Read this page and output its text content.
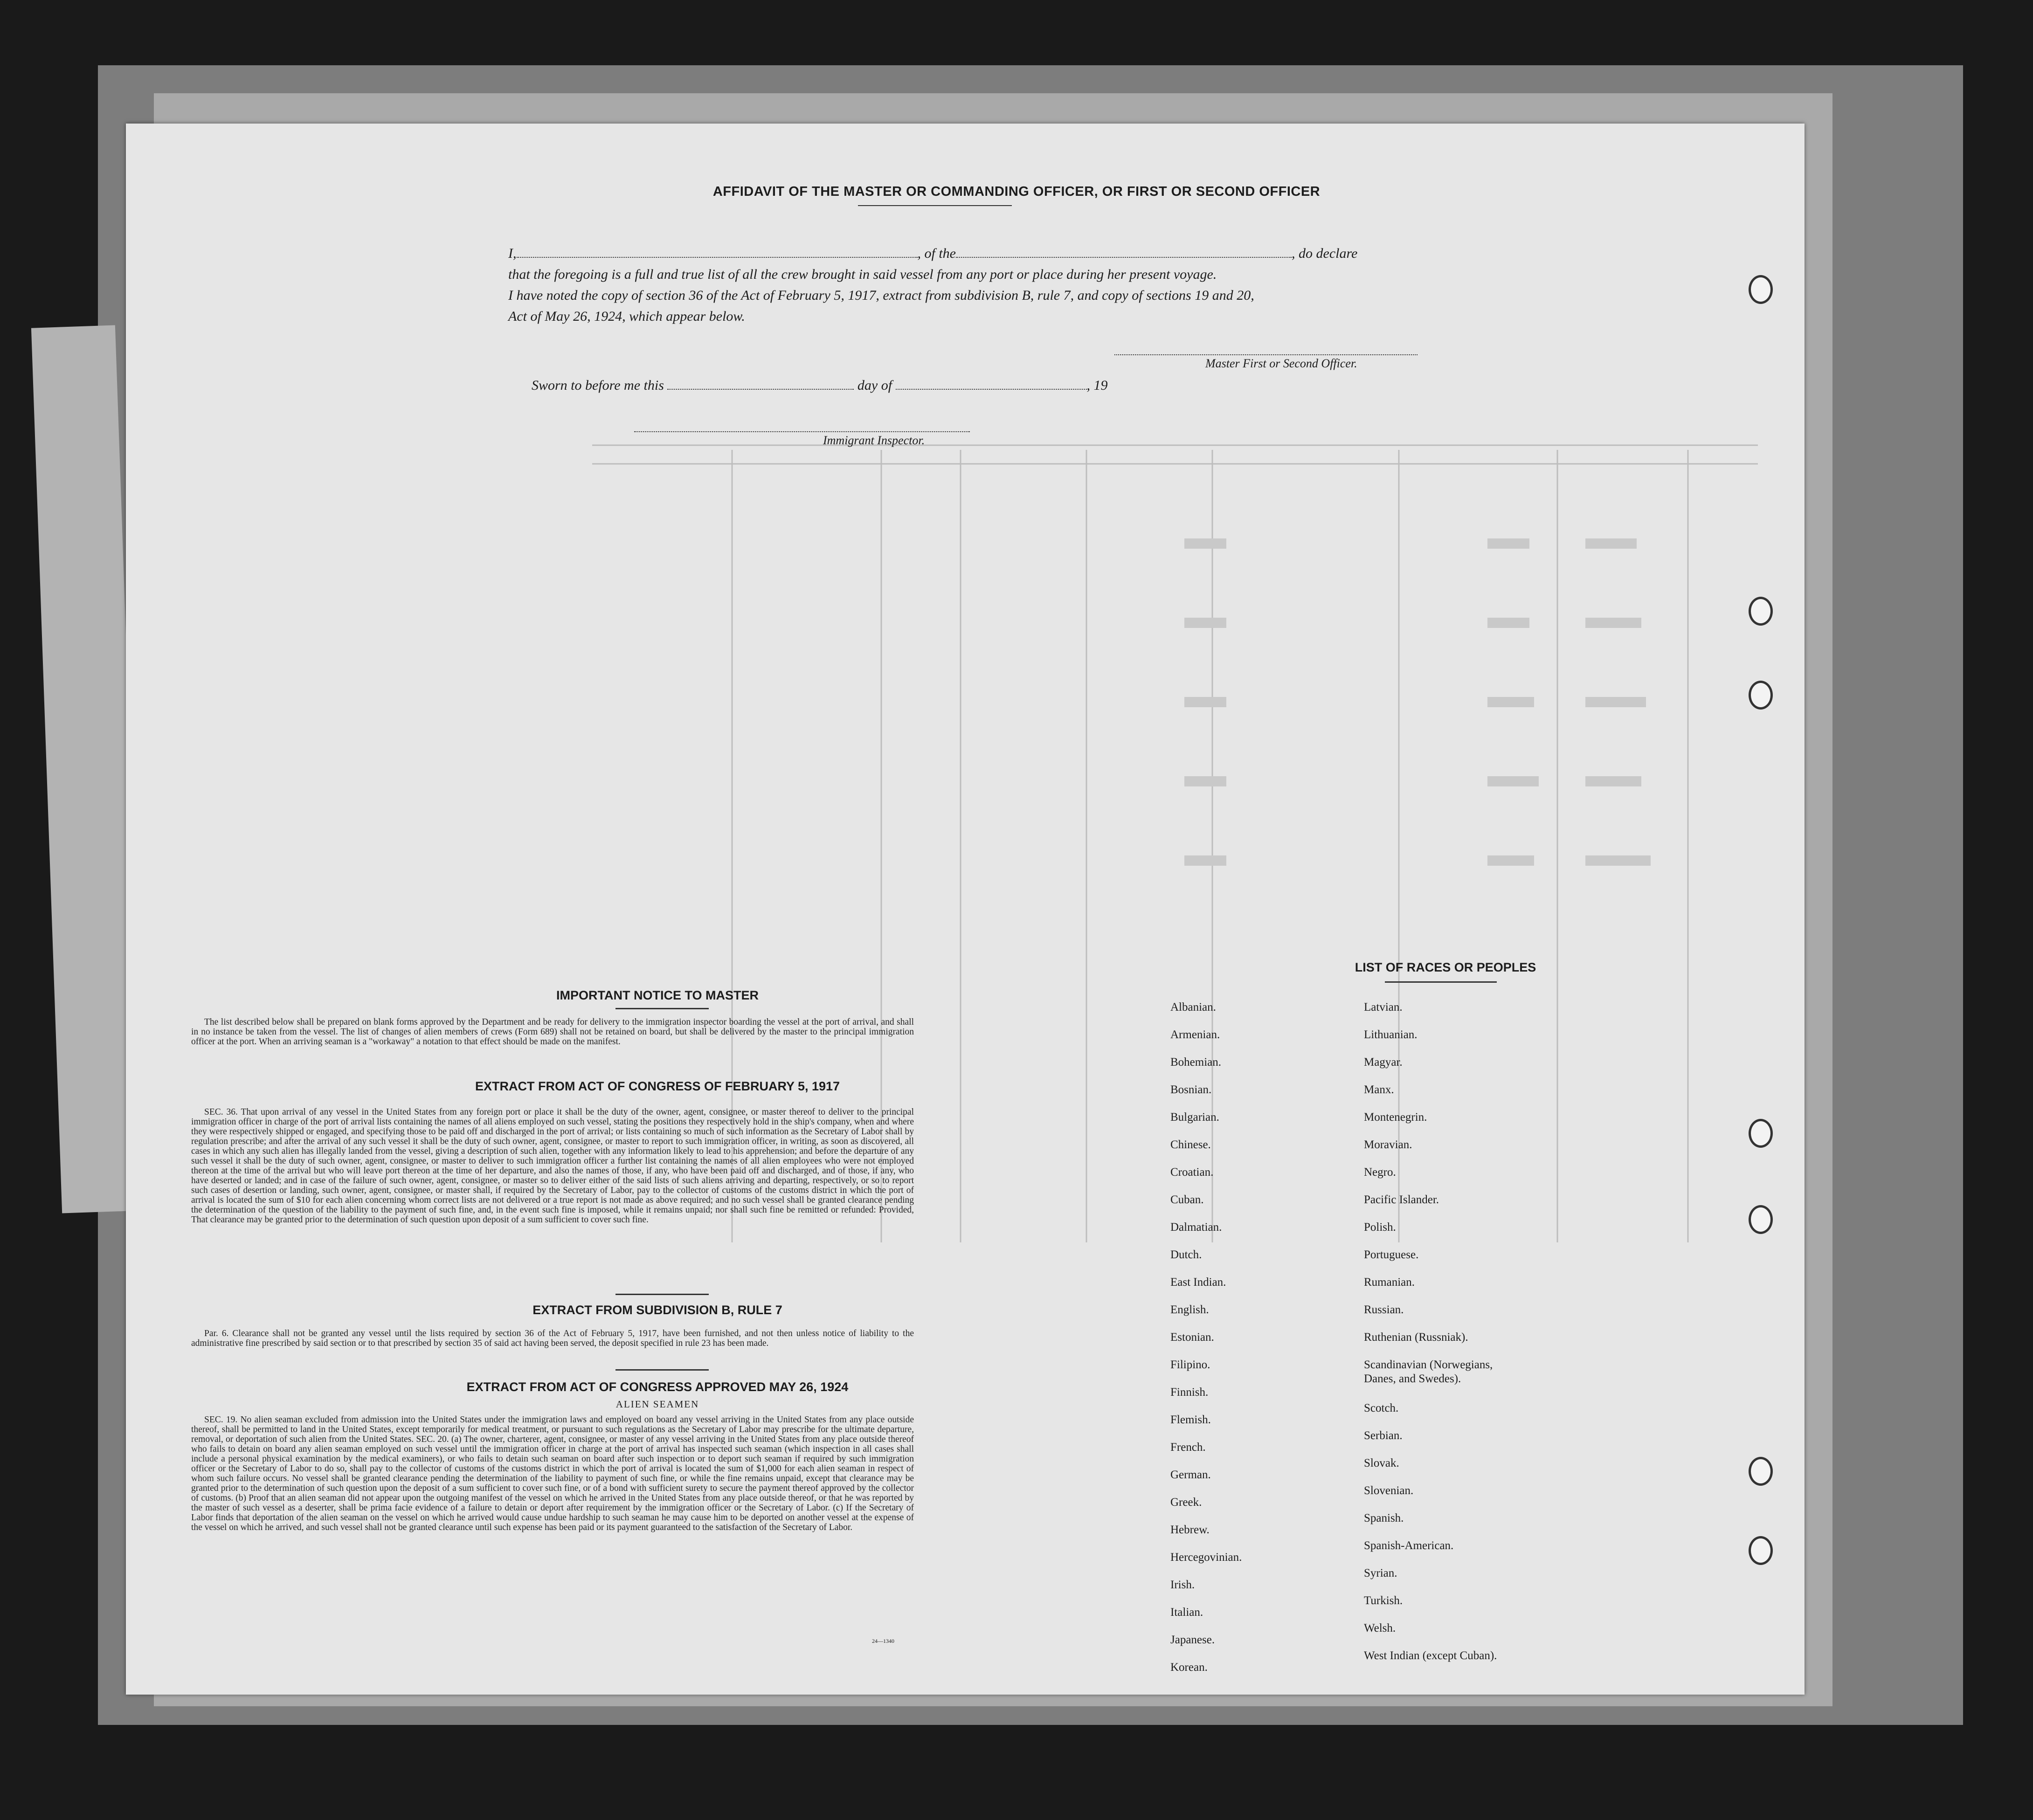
AFFIDAVIT OF THE MASTER OR COMMANDING OFFICER, OR FIRST OR SECOND OFFICER
I,	, of the	, do declare
that the foregoing is a full and true list of all the crew brought in said vessel from any port or place during her present voyage.
I have noted the copy of section 36 of the Act of February 5, 1917, extract from subdivision B, rule 7, and copy of sections 19 and 20,
Act of May 26, 1924, which appear below.
Master First or Second Officer.
Sworn to before me this	day of	, 19
Immigrant Inspector.
IMPORTANT NOTICE TO MASTER
The list described below shall be prepared on blank forms approved by the Department and be ready for delivery to the immigration inspector boarding the vessel at the port of arrival, and shall in no instance be taken from the vessel. The list of changes of alien members of crews (Form 689) shall not be retained on board, but shall be delivered by the master to the principal immigration officer at the port. When an arriving seaman is a "workaway" a notation to that effect should be made on the manifest.
EXTRACT FROM ACT OF CONGRESS OF FEBRUARY 5, 1917
SEC. 36. That upon arrival of any vessel in the United States from any foreign port or place it shall be the duty of the owner, agent, consignee, or master thereof to deliver to the principal immigration officer in charge of the port of arrival lists containing the names of all aliens employed on such vessel, stating the positions they respectively hold in the ship's company, when and where they were respectively shipped or engaged, and specifying those to be paid off and discharged in the port of arrival; or lists containing so much of such information as the Secretary of Labor shall by regulation prescribe; and after the arrival of any such vessel it shall be the duty of such owner, agent, consignee, or master to report to such immigration officer, in writing, as soon as discovered, all cases in which any such alien has illegally landed from the vessel, giving a description of such alien, together with any information likely to lead to his apprehension; and before the departure of any such vessel it shall be the duty of such owner, agent, consignee, or master to deliver to such immigration officer a further list containing the names of all alien employees who were not employed thereon at the time of the arrival but who will leave port thereon at the time of her departure, and also the names of those, if any, who have been paid off and discharged, and of those, if any, who have deserted or landed; and in case of the failure of such owner, agent, consignee, or master so to deliver either of the said lists of such aliens arriving and departing, respectively, or so to report such cases of desertion or landing, such owner, agent, consignee, or master shall, if required by the Secretary of Labor, pay to the collector of customs of the customs district in which the port of arrival is located the sum of $10 for each alien concerning whom correct lists are not delivered or a true report is not made as above required; and no such vessel shall be granted clearance pending the determination of the question of the liability to the payment of such fine, and, in the event such fine is imposed, while it remains unpaid; nor shall such fine be remitted or refunded: Provided, That clearance may be granted prior to the determination of such question upon deposit of a sum sufficient to cover such fine.
EXTRACT FROM SUBDIVISION B, RULE 7
Par. 6. Clearance shall not be granted any vessel until the lists required by section 36 of the Act of February 5, 1917, have been furnished, and not then unless notice of liability to the administrative fine prescribed by said section or to that prescribed by section 35 of said act having been served, the deposit specified in rule 23 has been made.
EXTRACT FROM ACT OF CONGRESS APPROVED MAY 26, 1924
ALIEN SEAMEN
SEC. 19. No alien seaman excluded from admission into the United States under the immigration laws and employed on board any vessel arriving in the United States from any place outside thereof, shall be permitted to land in the United States, except temporarily for medical treatment, or pursuant to such regulations as the Secretary of Labor may prescribe for the ultimate departure, removal, or deportation of such alien from the United States. SEC. 20. (a) The owner, charterer, agent, consignee, or master of any vessel arriving in the United States from any place outside thereof who fails to detain on board any alien seaman employed on such vessel until the immigration officer in charge at the port of arrival has inspected such seaman (which inspection in all cases shall include a personal physical examination by the medical examiners), or who fails to detain such seaman on board after such inspection or to deport such seaman if required by such immigration officer or the Secretary of Labor to do so, shall pay to the collector of customs of the customs district in which the port of arrival is located the sum of $1,000 for each alien seaman in respect of whom such failure occurs. No vessel shall be granted clearance pending the determination of the liability to payment of such fine, or while the fine remains unpaid, except that clearance may be granted prior to the determination of such question upon the deposit of a sum sufficient to cover such fine, or of a bond with sufficient surety to secure the payment thereof approved by the collector of customs. (b) Proof that an alien seaman did not appear upon the outgoing manifest of the vessel on which he arrived in the United States from any place outside thereof, or that he was reported by the master of such vessel as a deserter, shall be prima facie evidence of a failure to detain or deport after requirement by the immigration officer or the Secretary of Labor. (c) If the Secretary of Labor finds that deportation of the alien seaman on the vessel on which he arrived would cause undue hardship to such seaman he may cause him to be deported on another vessel at the expense of the vessel on which he arrived, and such vessel shall not be granted clearance until such expense has been paid or its payment guaranteed to the satisfaction of the Secretary of Labor.
24—1340
LIST OF RACES OR PEOPLES
Albanian.
Armenian.
Bohemian.
Bosnian.
Bulgarian.
Chinese.
Croatian.
Cuban.
Dalmatian.
Dutch.
East Indian.
English.
Estonian.
Filipino.
Finnish.
Flemish.
French.
German.
Greek.
Hebrew.
Hercegovinian.
Irish.
Italian.
Japanese.
Korean.
Latvian.
Lithuanian.
Magyar.
Manx.
Montenegrin.
Moravian.
Negro.
Pacific Islander.
Polish.
Portuguese.
Rumanian.
Russian.
Ruthenian (Russniak).
Scandinavian (Norwegians,
Danes, and Swedes).
Scotch.
Serbian.
Slovak.
Slovenian.
Spanish.
Spanish-American.
Syrian.
Turkish.
Welsh.
West Indian (except Cuban).
